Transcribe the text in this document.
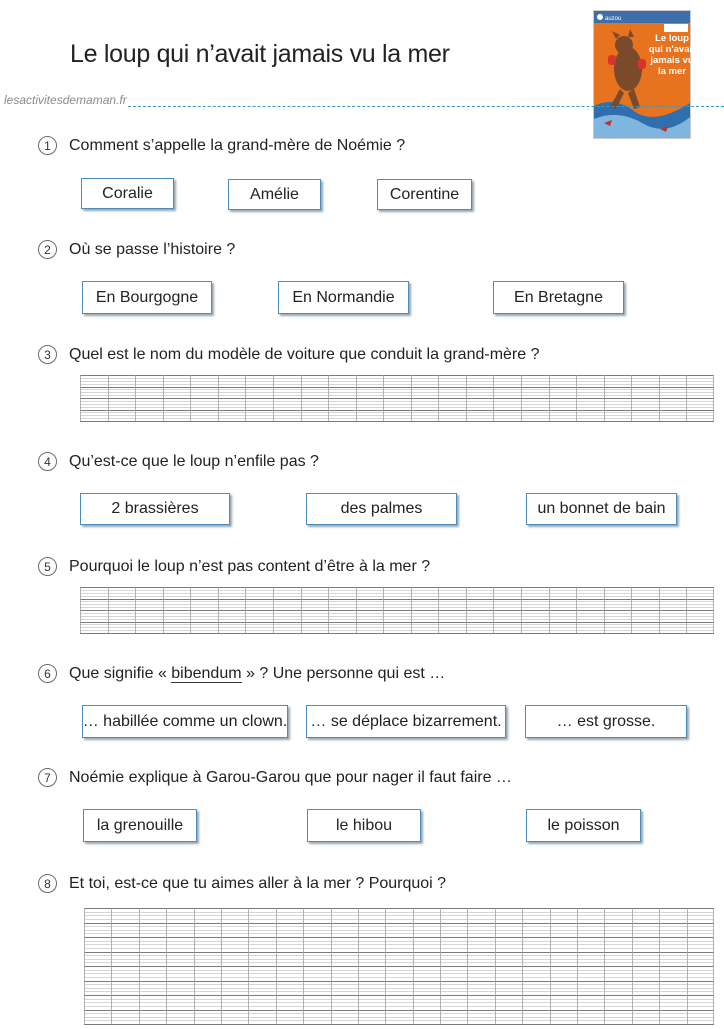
Le loup qui n’avait jamais vu la mer
auzou
Le loup
qui n'avait
jamais vu
la mer
lesactivitesdemaman.fr
1	Comment s’appelle la grand-mère de Noémie ?
Coralie	Amélie	Corentine
2	Où se passe l’histoire ?
En Bourgogne	En Normandie	En Bretagne
3	Quel est le nom du modèle de voiture que conduit la grand-mère ?
4	Qu’est-ce que le loup n’enfile pas ?
2 brassières	des palmes	un bonnet de bain
5	Pourquoi le loup n’est pas content d’être à la mer ?
6	Que signifie « bibendum » ? Une personne qui est …
… habillée comme un clown. … se déplace bizarrement.	… est grosse.
7	Noémie explique à Garou-Garou que pour nager il faut faire …
la grenouille	le hibou	le poisson
8	Et toi, est-ce que tu aimes aller à la mer ? Pourquoi ?
